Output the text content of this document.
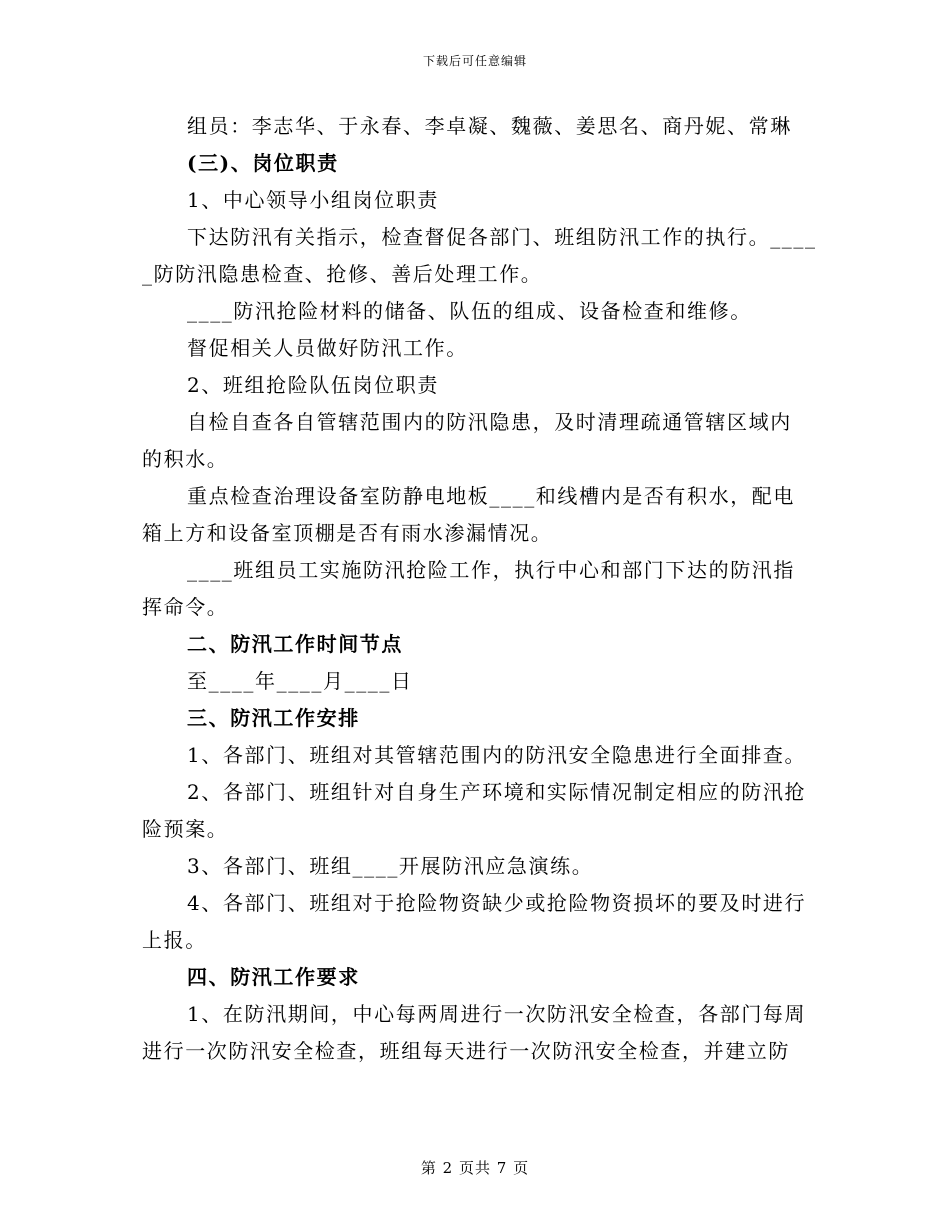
下载后可任意编辑
组员：李志华、于永春、李卓凝、魏薇、姜思名、商丹妮、常琳
(三)、岗位职责
1、中心领导小组岗位职责
下达防汛有关指示，检查督促各部门、班组防汛工作的执行。____
_防防汛隐患检查、抢修、善后处理工作。
____防汛抢险材料的储备、队伍的组成、设备检查和维修。
督促相关人员做好防汛工作。
2、班组抢险队伍岗位职责
自检自查各自管辖范围内的防汛隐患，及时清理疏通管辖区域内
的积水。
重点检查治理设备室防静电地板____和线槽内是否有积水，配电
箱上方和设备室顶棚是否有雨水渗漏情况。
____班组员工实施防汛抢险工作，执行中心和部门下达的防汛指
挥命令。
二、防汛工作时间节点
至____年____月____日
三、防汛工作安排
1、各部门、班组对其管辖范围内的防汛安全隐患进行全面排查。
2、各部门、班组针对自身生产环境和实际情况制定相应的防汛抢
险预案。
3、各部门、班组____开展防汛应急演练。
4、各部门、班组对于抢险物资缺少或抢险物资损坏的要及时进行
上报。
四、防汛工作要求
1、在防汛期间，中心每两周进行一次防汛安全检查，各部门每周
进行一次防汛安全检查，班组每天进行一次防汛安全检查，并建立防
第 2 页共 7 页
